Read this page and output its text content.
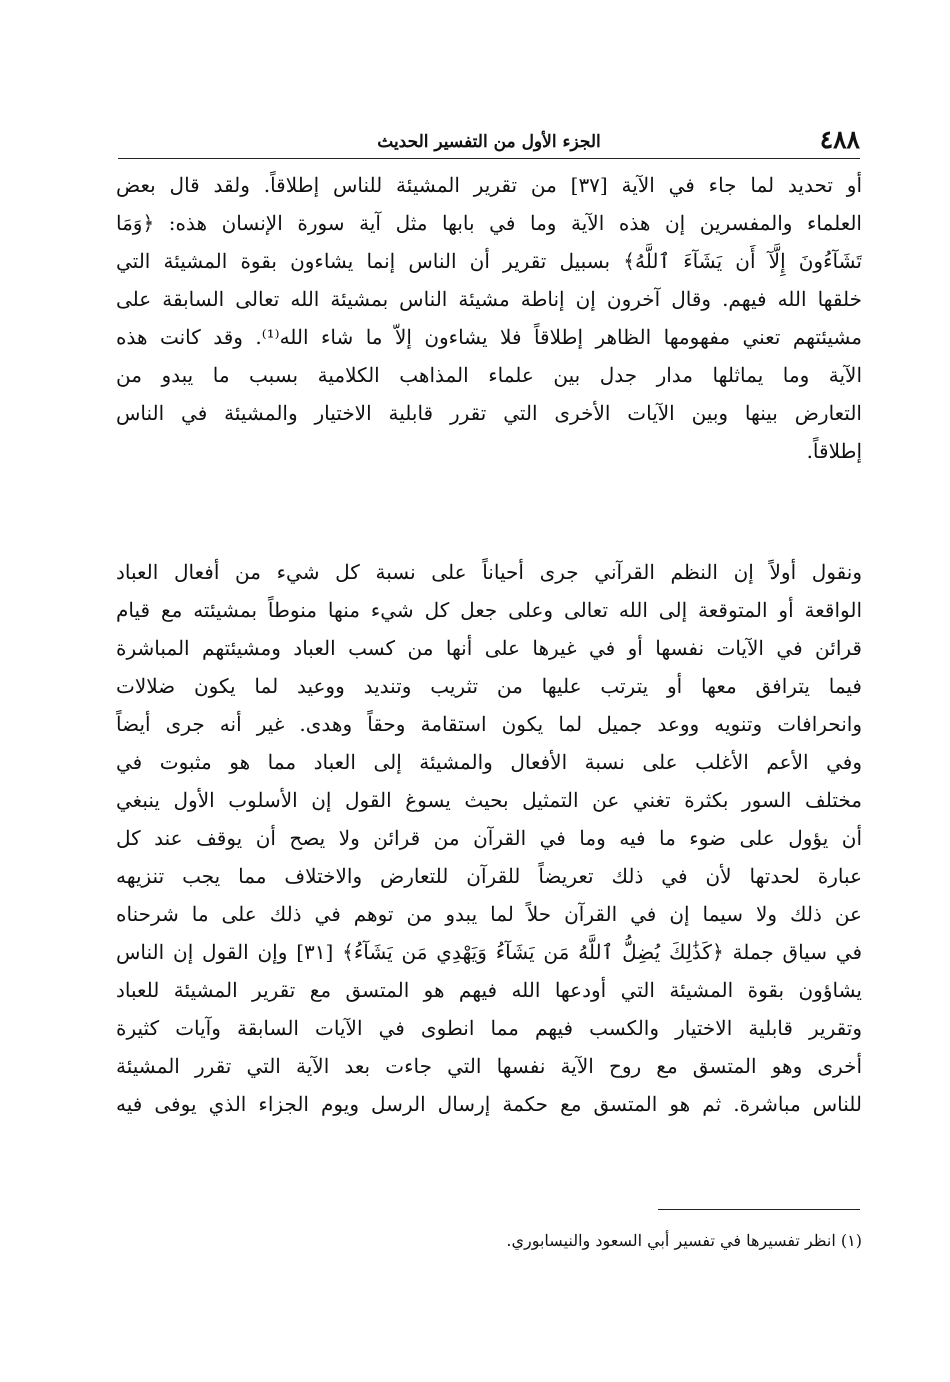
٤٨٨
الجزء الأول من التفسير الحديث
أو تحديد لما جاء في الآية [٣٧] من تقرير المشيئة للناس إطلاقاً. ولقد قال بعض
العلماء والمفسرين إن هذه الآية وما في بابها مثل آية سورة الإنسان هذه: ﴿وَمَا
تَشَآءُونَ إِلَّآ أَن يَشَآءَ ٱللَّهُ﴾ بسبيل تقرير أن الناس إنما يشاءون بقوة المشيئة التي
خلقها الله فيهم. وقال آخرون إن إناطة مشيئة الناس بمشيئة الله تعالى السابقة على
مشيئتهم تعني مفهومها الظاهر إطلاقاً فلا يشاءون إلاّ ما شاء الله⁽¹⁾. وقد كانت هذه
الآية وما يماثلها مدار جدل بين علماء المذاهب الكلامية بسبب ما يبدو من
التعارض بينها وبين الآيات الأخرى التي تقرر قابلية الاختيار والمشيئة في الناس
إطلاقاً.
ونقول أولاً إن النظم القرآني جرى أحياناً على نسبة كل شيء من أفعال العباد
الواقعة أو المتوقعة إلى الله تعالى وعلى جعل كل شيء منها منوطاً بمشيئته مع قيام
قرائن في الآيات نفسها أو في غيرها على أنها من كسب العباد ومشيئتهم المباشرة
فيما يترافق معها أو يترتب عليها من تثريب وتنديد ووعيد لما يكون ضلالات
وانحرافات وتنويه ووعد جميل لما يكون استقامة وحقاً وهدى. غير أنه جرى أيضاً
وفي الأعم الأغلب على نسبة الأفعال والمشيئة إلى العباد مما هو مثبوت في
مختلف السور بكثرة تغني عن التمثيل بحيث يسوغ القول إن الأسلوب الأول ينبغي
أن يؤول على ضوء ما فيه وما في القرآن من قرائن ولا يصح أن يوقف عند كل
عبارة لحدتها لأن في ذلك تعريضاً للقرآن للتعارض والاختلاف مما يجب تنزيهه
عن ذلك ولا سيما إن في القرآن حلاً لما يبدو من توهم في ذلك على ما شرحناه
في سياق جملة ﴿كَذَٰلِكَ يُضِلُّ ٱللَّهُ مَن يَشَآءُ وَيَهْدِي مَن يَشَآءُ﴾ [٣١] وإن القول إن الناس
يشاؤون بقوة المشيئة التي أودعها الله فيهم هو المتسق مع تقرير المشيئة للعباد
وتقرير قابلية الاختيار والكسب فيهم مما انطوى في الآيات السابقة وآيات كثيرة
أخرى وهو المتسق مع روح الآية نفسها التي جاءت بعد الآية التي تقرر المشيئة
للناس مباشرة. ثم هو المتسق مع حكمة إرسال الرسل ويوم الجزاء الذي يوفى فيه
(١) انظر تفسيرها في تفسير أبي السعود والنيسابوري.
